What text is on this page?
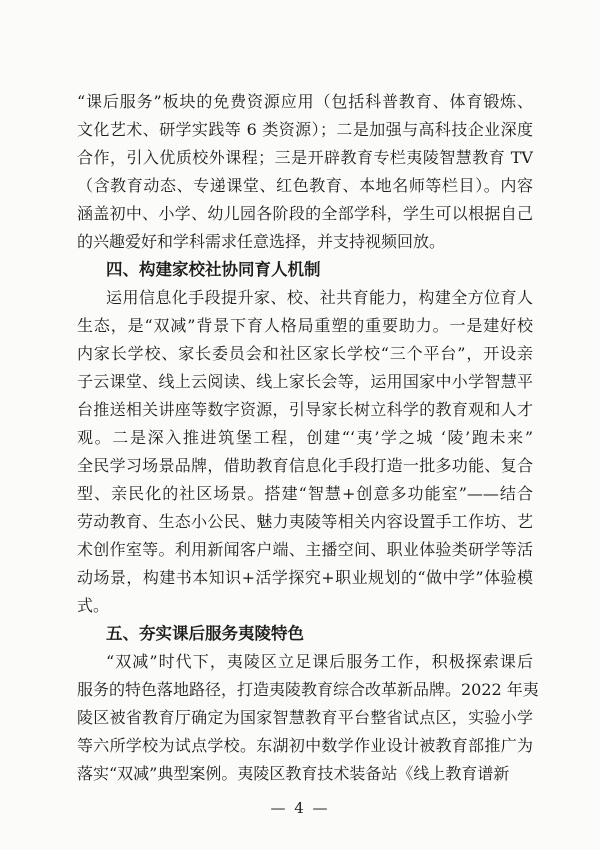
“课后服务”板块的免费资源应用（包括科普教育、体育锻炼、
文化艺术、研学实践等 6 类资源）；二是加强与高科技企业深度
合作，引入优质校外课程；三是开辟教育专栏夷陵智慧教育 TV
（含教育动态、专递课堂、红色教育、本地名师等栏目）。内容
涵盖初中、小学、幼儿园各阶段的全部学科，学生可以根据自己
的兴趣爱好和学科需求任意选择，并支持视频回放。
四、构建家校社协同育人机制
运用信息化手段提升家、校、社共育能力，构建全方位育人
生态，是“双减”背景下育人格局重塑的重要助力。一是建好校
内家长学校、家长委员会和社区家长学校“三个平台”，开设亲
子云课堂、线上云阅读、线上家长会等，运用国家中小学智慧平
台推送相关讲座等数字资源，引导家长树立科学的教育观和人才
观。二是深入推进筑堡工程，创建“‘夷’学之城 ‘陵’跑未来”
全民学习场景品牌，借助教育信息化手段打造一批多功能、复合
型、亲民化的社区场景。搭建“智慧+创意多功能室”——结合
劳动教育、生态小公民、魅力夷陵等相关内容设置手工作坊、艺
术创作室等。利用新闻客户端、主播空间、职业体验类研学等活
动场景，构建书本知识+活学探究+职业规划的“做中学”体验模
式。
五、夯实课后服务夷陵特色
“双减”时代下，夷陵区立足课后服务工作，积极探索课后
服务的特色落地路径，打造夷陵教育综合改革新品牌。2022 年夷
陵区被省教育厅确定为国家智慧教育平台整省试点区，实验小学
等六所学校为试点学校。东湖初中数学作业设计被教育部推广为
落实“双减”典型案例。夷陵区教育技术装备站《线上教育谱新
— 4 —
